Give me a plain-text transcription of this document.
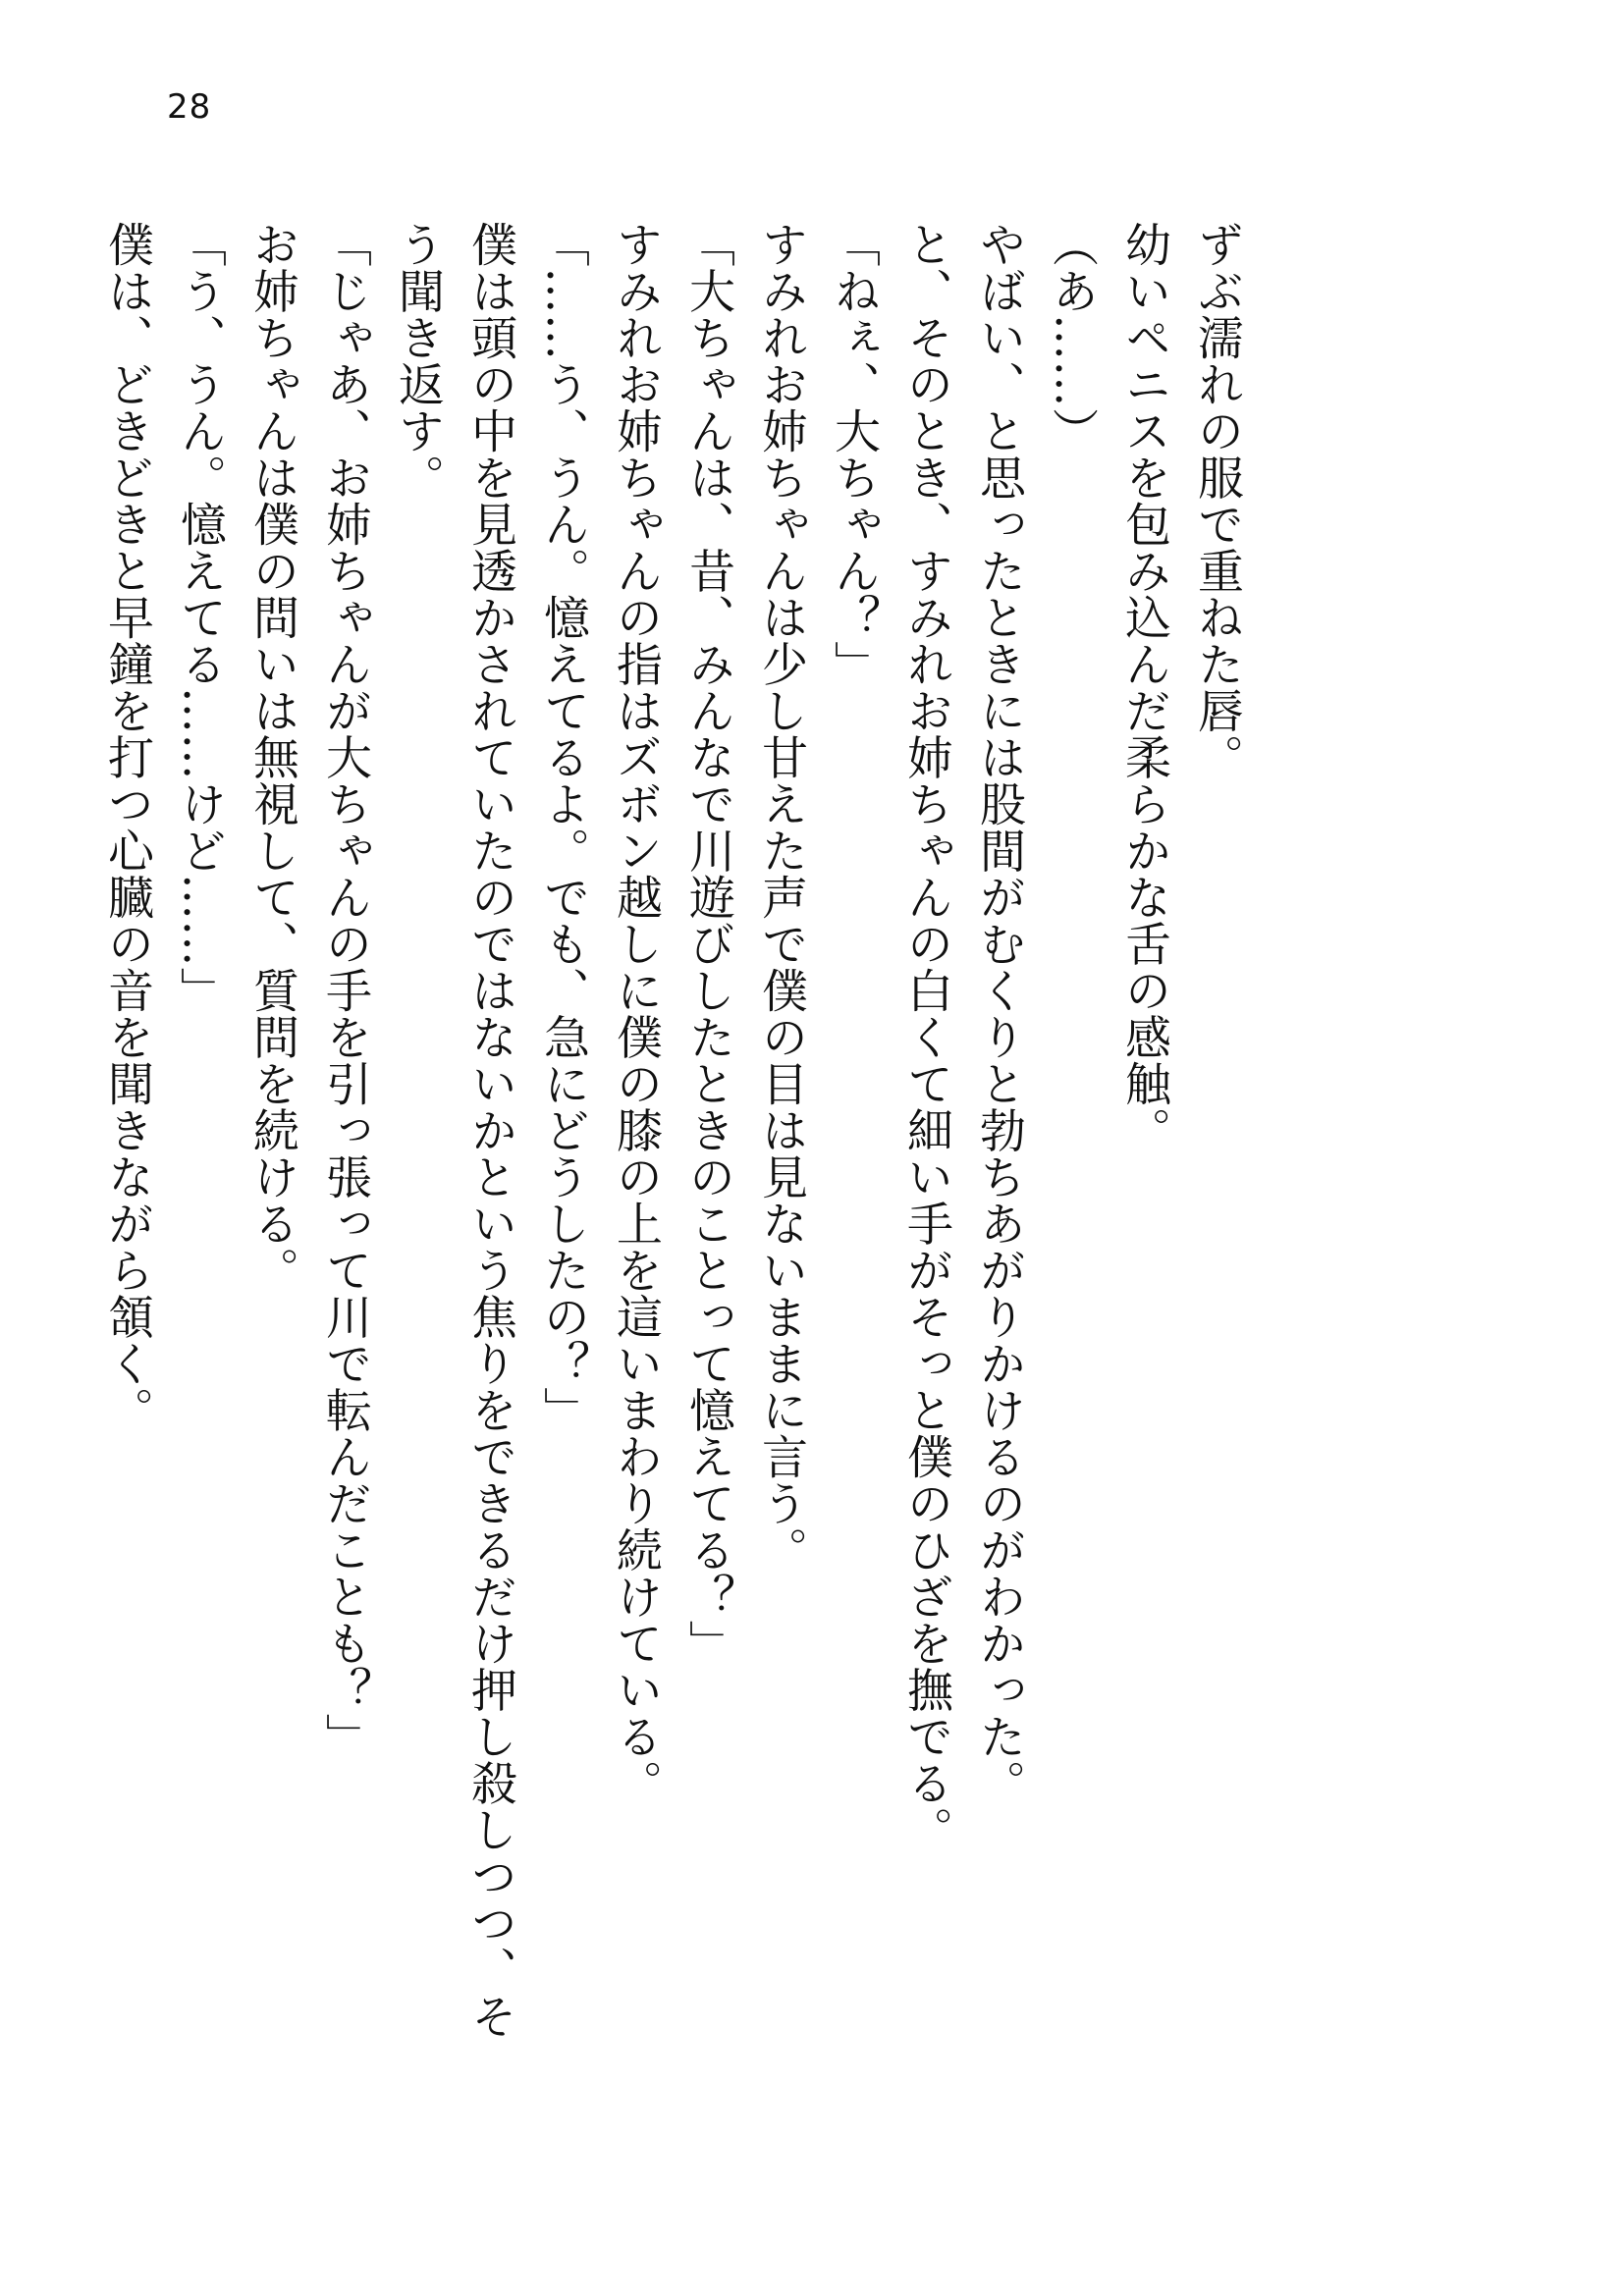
28

ずぶ濡れの服で重ねた唇。

幼いペニスを包み込んだ柔らかな舌の感触。

（あ……）

やばい、と思ったときには股間がむくりと勃ちあがりかけるのがわかった。

と、そのとき、すみれお姉ちゃんの白くて細い手がそっと僕のひざを撫でる。

「ねぇ、大ちゃん？」

すみれお姉ちゃんは少し甘えた声で僕の目は見ないままに言う。

「大ちゃんは、昔、みんなで川遊びしたときのことって憶えてる？」

すみれお姉ちゃんの指はズボン越しに僕の膝の上を這いまわり続けている。

「……う、うん。憶えてるよ。でも、急にどうしたの？」

僕は頭の中を見透かされていたのではないかという焦りをできるだけ押し殺しつつ、そ

う聞き返す。

「じゃあ、お姉ちゃんが大ちゃんの手を引っ張って川で転んだことも？」

お姉ちゃんは僕の問いは無視して、質問を続ける。

「う、うん。憶えてる……けど……」

僕は、どきどきと早鐘を打つ心臓の音を聞きながら頷く。
